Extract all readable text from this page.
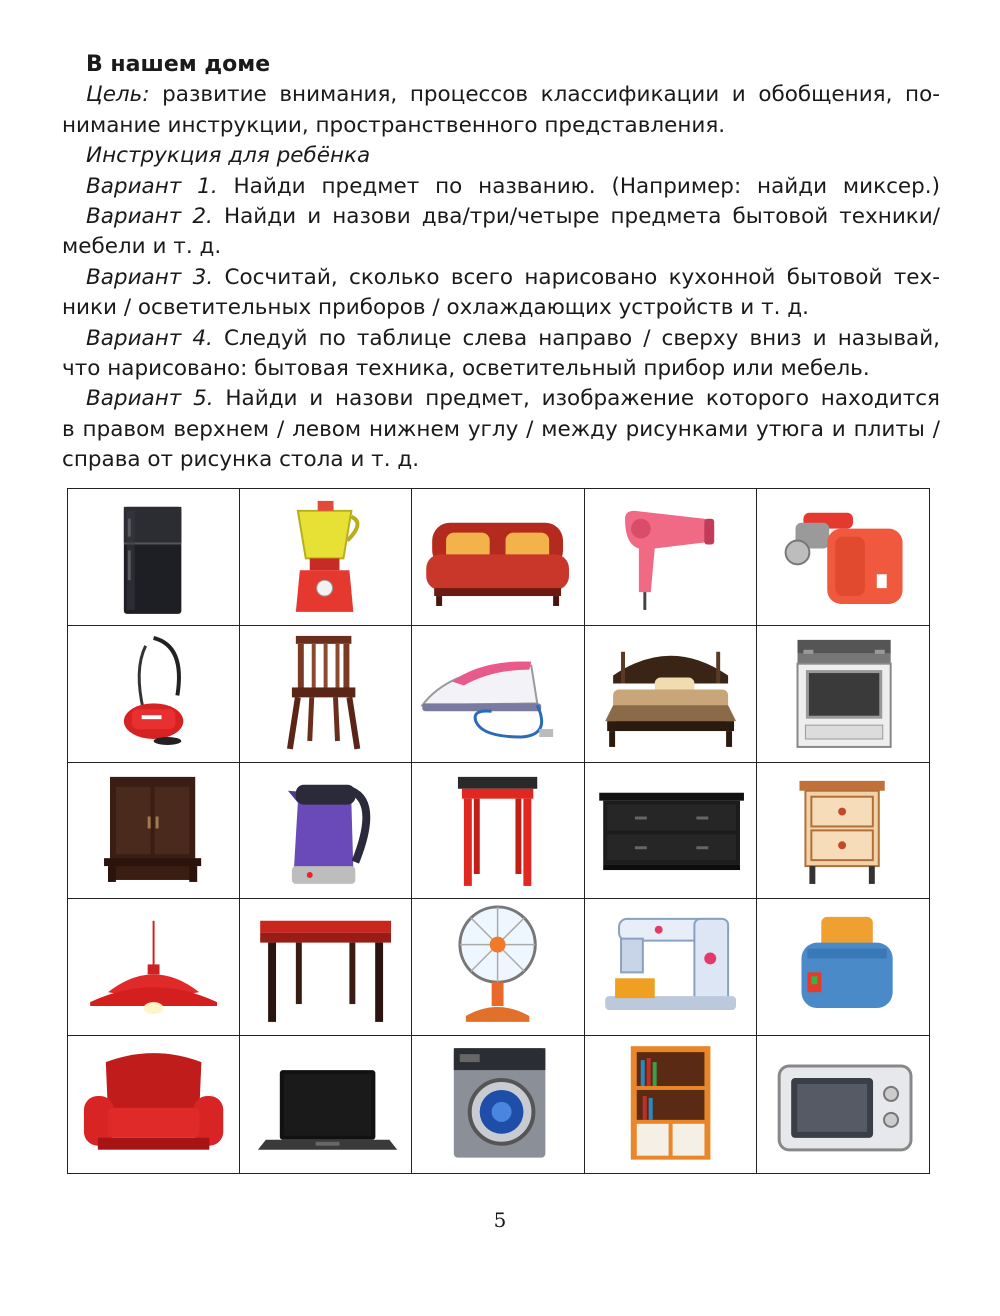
В нашем доме
Цель: развитие внимания, процессов классификации и обобщения, по-
нимание инструкции, пространственного представления.
Инструкция для ребёнка
Вариант 1. Найди предмет по названию. (Например: найди миксер.)
Вариант 2. Найди и назови два/три/четыре предмета бытовой техники/
мебели и т. д.
Вариант 3. Сосчитай, сколько всего нарисовано кухонной бытовой тех-
ники / осветительных приборов / охлаждающих устройств и т. д.
Вариант 4. Следуй по таблице слева направо / сверху вниз и называй,
что нарисовано: бытовая техника, осветительный прибор или мебель.
Вариант 5. Найди и назови предмет, изображение которого находится
в правом верхнем / левом нижнем углу / между рисунками утюга и плиты /
справа от рисунка стола и т. д.
5
